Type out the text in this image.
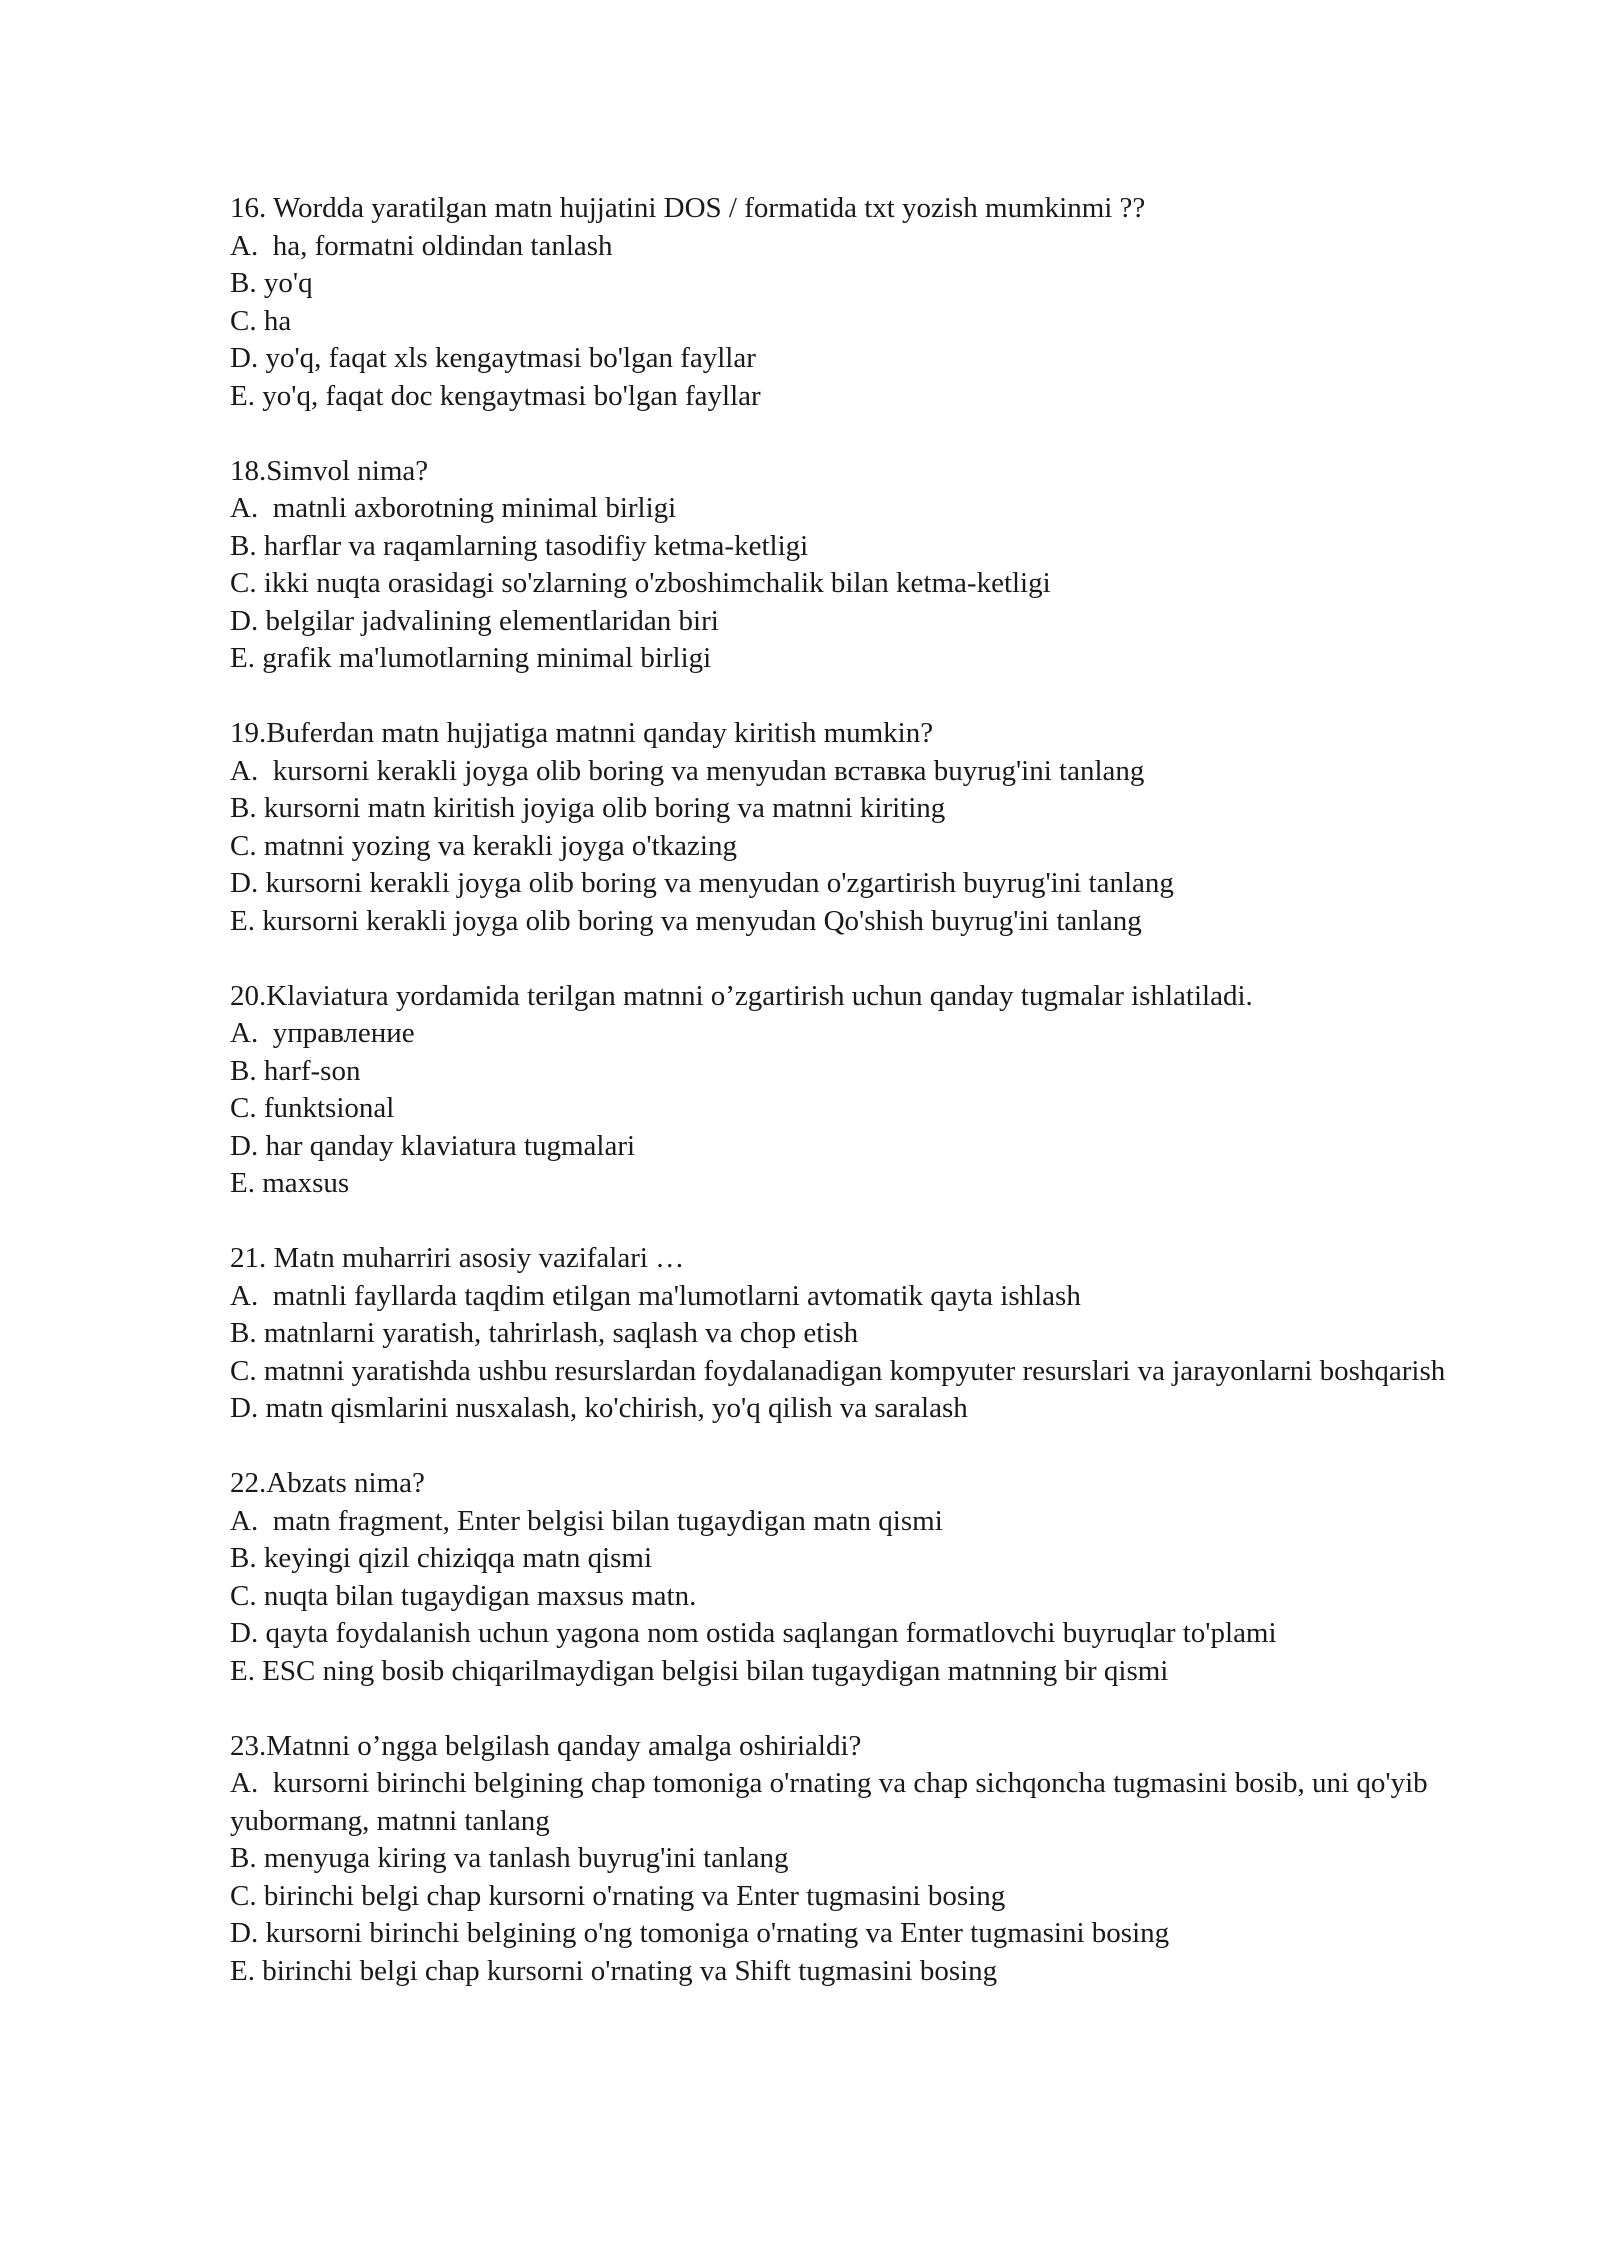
16. Wordda yaratilgan matn hujjatini DOS / formatida txt yozish mumkinmi ??

A.  ha, formatni oldindan tanlash

B. yo'q

C. ha

D. yo'q, faqat xls kengaytmasi bo'lgan fayllar

E. yo'q, faqat doc kengaytmasi bo'lgan fayllar

18.Simvol nima?

A.  matnli axborotning minimal birligi

B. harflar va raqamlarning tasodifiy ketma-ketligi

C. ikki nuqta orasidagi so'zlarning o'zboshimchalik bilan ketma-ketligi

D. belgilar jadvalining elementlaridan biri

E. grafik ma'lumotlarning minimal birligi

19.Buferdan matn hujjatiga matnni qanday kiritish mumkin?

A.  kursorni kerakli joyga olib boring va menyudan вставка buyrug'ini tanlang

B. kursorni matn kiritish joyiga olib boring va matnni kiriting

C. matnni yozing va kerakli joyga o'tkazing

D. kursorni kerakli joyga olib boring va menyudan o'zgartirish buyrug'ini tanlang

E. kursorni kerakli joyga olib boring va menyudan Qo'shish buyrug'ini tanlang

20.Klaviatura yordamida terilgan matnni o’zgartirish uchun qanday tugmalar ishlatiladi.

A.  управление

B. harf-son

C. funktsional

D. har qanday klaviatura tugmalari

E. maxsus

21. Matn muharriri asosiy vazifalari …

A.  matnli fayllarda taqdim etilgan ma'lumotlarni avtomatik qayta ishlash

B. matnlarni yaratish, tahrirlash, saqlash va chop etish

C. matnni yaratishda ushbu resurslardan foydalanadigan kompyuter resurslari va jarayonlarni boshqarish

D. matn qismlarini nusxalash, ko'chirish, yo'q qilish va saralash

22.Abzats nima?

A.  matn fragment, Enter belgisi bilan tugaydigan matn qismi

B. keyingi qizil chiziqqa matn qismi

C. nuqta bilan tugaydigan maxsus matn.

D. qayta foydalanish uchun yagona nom ostida saqlangan formatlovchi buyruqlar to'plami

E. ESC ning bosib chiqarilmaydigan belgisi bilan tugaydigan matnning bir qismi

23.Matnni o’ngga belgilash qanday amalga oshirialdi?

A.  kursorni birinchi belgining chap tomoniga o'rnating va chap sichqoncha tugmasini bosib, uni qo'yib yubormang, matnni tanlang

B. menyuga kiring va tanlash buyrug'ini tanlang

C. birinchi belgi chap kursorni o'rnating va Enter tugmasini bosing

D. kursorni birinchi belgining o'ng tomoniga o'rnating va Enter tugmasini bosing

E. birinchi belgi chap kursorni o'rnating va Shift tugmasini bosing
